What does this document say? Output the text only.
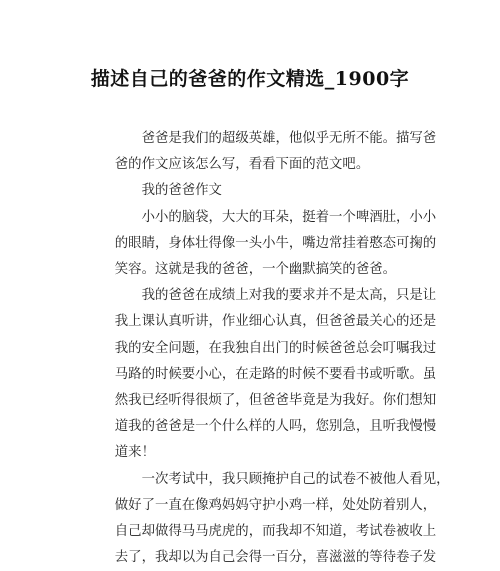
描述自己的爸爸的作文精选_1900字
爸爸是我们的超级英雄，他似乎无所不能。描写爸
爸的作文应该怎么写，看看下面的范文吧。
我的爸爸作文
小小的脑袋，大大的耳朵，挺着一个啤酒肚，小小
的眼睛，身体壮得像一头小牛，嘴边常挂着憨态可掬的
笑容。这就是我的爸爸，一个幽默搞笑的爸爸。
我的爸爸在成绩上对我的要求并不是太高，只是让
我上课认真听讲，作业细心认真，但爸爸最关心的还是
我的安全问题，在我独自出门的时候爸爸总会叮嘱我过
马路的时候要小心，在走路的时候不要看书或听歌。虽
然我已经听得很烦了，但爸爸毕竟是为我好。你们想知
道我的爸爸是一个什么样的人吗，您别急，且听我慢慢
道来！
一次考试中，我只顾掩护自己的试卷不被他人看见，
做好了一直在像鸡妈妈守护小鸡一样，处处防着别人，
自己却做得马马虎虎的，而我却不知道，考试卷被收上
去了，我却以为自己会得一百分，喜滋滋的等待卷子发
